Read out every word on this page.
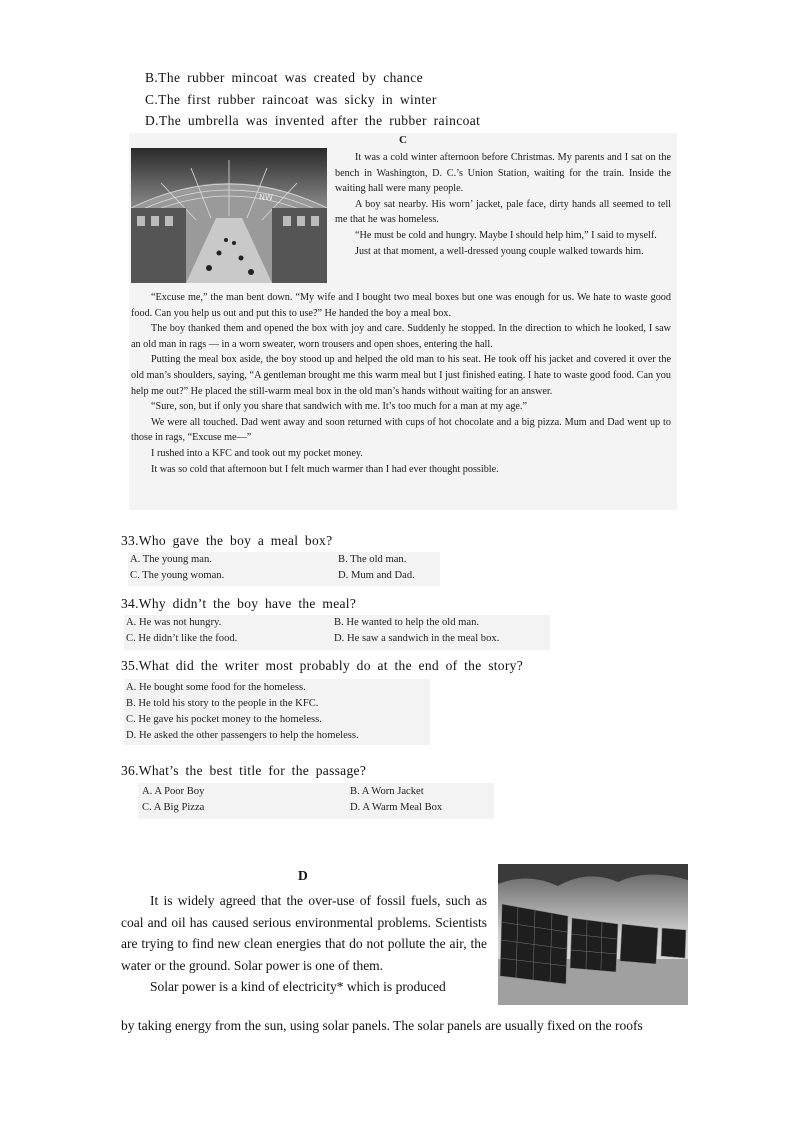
B.The rubber mincoat was created by chance
C.The first rubber raincoat was sicky in winter
D.The umbrella was invented after the rubber raincoat
C
NW

It was a cold winter afternoon before Christmas. My parents and I sat on the bench in Washington, D. C.’s Union Station, waiting for the train. Inside the waiting hall were many people.

A boy sat nearby. His worn’ jacket, pale face, dirty hands all seemed to tell me that he was homeless.

“He must be cold and hungry. Maybe I should help him,” I said to myself.

Just at that moment, a well-dressed young couple walked towards him.

“Excuse me,” the man bent down. “My wife and I bought two meal boxes but one was enough for us. We hate to waste good food. Can you help us out and put this to use?” He handed the boy a meal box.

The boy thanked them and opened the box with joy and care. Suddenly he stopped. In the direction to which he looked, I saw an old man in rags — in a worn sweater, worn trousers and open shoes, entering the hall.

Putting the meal box aside, the boy stood up and helped the old man to his seat. He took off his jacket and covered it over the old man’s shoulders, saying, “A gentleman brought me this warm meal but I just finished eating. I hate to waste good food. Can you help me out?” He placed the still-warm meal box in the old man’s hands without waiting for an answer.

“Sure, son, but if only you share that sandwich with me. It’s too much for a man at my age.”

We were all touched. Dad went away and soon returned with cups of hot chocolate and a big pizza. Mum and Dad went up to those in rags, “Excuse me—”

I rushed into a KFC and took out my pocket money.

It was so cold that afternoon but I felt much warmer than I had ever thought possible.

33.Who gave the boy a meal box?
A. The young man.	B. The old man.
C. The young woman.	D. Mum and Dad.
34.Why didn’t the boy have the meal?
A. He was not hungry.	B. He wanted to help the old man.
C. He didn’t like the food.	D. He saw a sandwich in the meal box.
35.What did the writer most probably do at the end of the story?
A. He bought some food for the homeless.
B. He told his story to the people in the KFC.
C. He gave his pocket money to the homeless.
D. He asked the other passengers to help the homeless.
36.What’s the best title for the passage?
A. A Poor Boy	B. A Worn Jacket
C. A Big Pizza	D. A Warm Meal Box
D

It is widely agreed that the over-use of fossil fuels, such as coal and oil has caused serious environmental problems. Scientists are trying to find new clean energies that do not pollute the air, the water or the ground. Solar power is one of them.

Solar power is a kind of electricity* which is produced

by taking energy from the sun, using solar panels. The solar panels are usually fixed on the roofs
